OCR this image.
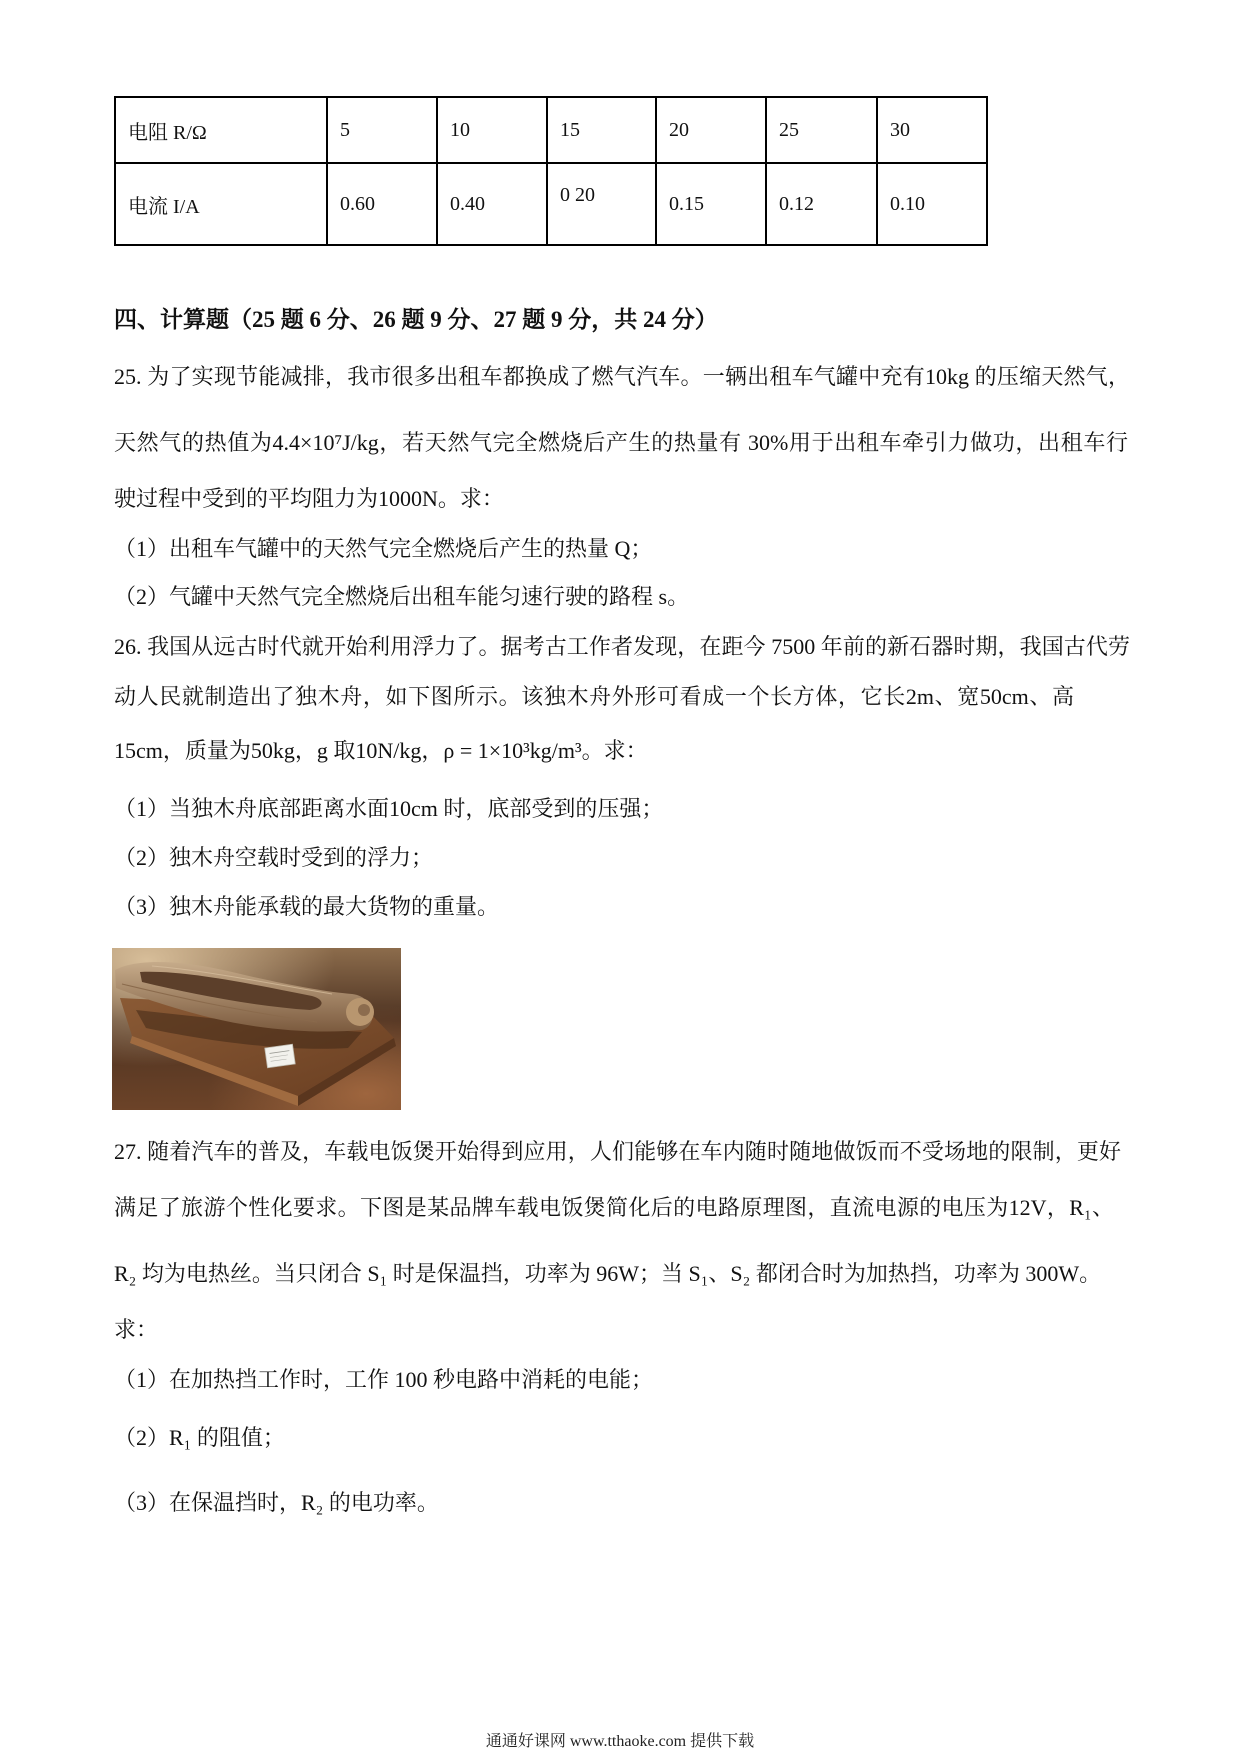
电阻 R/Ω	5	10	15	20	25	30
电流 I/A	0.60	0.40	0 20	0.15	0.12	0.10
四、计算题（25 题 6 分、26 题 9 分、27 题 9 分，共 24 分）
25. 为了实现节能减排，我市很多出租车都换成了燃气汽车。一辆出租车气罐中充有10kg 的压缩天然气，
天然气的热值为4.4×10⁷J/kg，若天然气完全燃烧后产生的热量有 30%用于出租车牵引力做功，出租车行
驶过程中受到的平均阻力为1000N。求：
（1）出租车气罐中的天然气完全燃烧后产生的热量 Q；
（2）气罐中天然气完全燃烧后出租车能匀速行驶的路程 s。
26. 我国从远古时代就开始利用浮力了。据考古工作者发现，在距今 7500 年前的新石器时期，我国古代劳
动人民就制造出了独木舟，如下图所示。该独木舟外形可看成一个长方体，它长2m、宽50cm、高
15cm，质量为50kg，g 取10N/kg，ρ = 1×10³kg/m³。求：
（1）当独木舟底部距离水面10cm 时，底部受到的压强；
（2）独木舟空载时受到的浮力；
（3）独木舟能承载的最大货物的重量。
27. 随着汽车的普及，车载电饭煲开始得到应用，人们能够在车内随时随地做饭而不受场地的限制，更好
满足了旅游个性化要求。下图是某品牌车载电饭煲简化后的电路原理图，直流电源的电压为12V，R₁、
R₂ 均为电热丝。当只闭合 S₁ 时是保温挡，功率为 96W；当 S₁、S₂ 都闭合时为加热挡，功率为 300W。
求：
（1）在加热挡工作时，工作 100 秒电路中消耗的电能；
（2）R₁ 的阻值；
（3）在保温挡时，R₂ 的电功率。
通通好课网 www.tthaoke.com 提供下载
